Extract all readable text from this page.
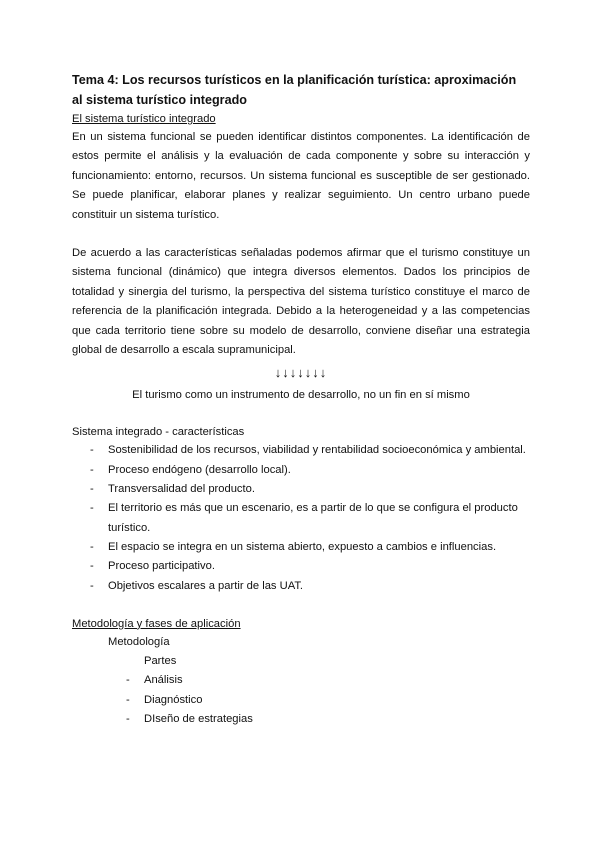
Tema 4: Los recursos turísticos en la planificación turística: aproximación al sistema turístico integrado
El sistema turístico integrado

En un sistema funcional se pueden identificar distintos componentes. La identificación de estos permite el análisis y la evaluación de cada componente y sobre su interacción y funcionamiento: entorno, recursos. Un sistema funcional es susceptible de ser gestionado. Se puede planificar, elaborar planes y realizar seguimiento. Un centro urbano puede constituir un sistema turístico.

De acuerdo a las características señaladas podemos afirmar que el turismo constituye un sistema funcional (dinámico) que integra diversos elementos. Dados los principios de totalidad y sinergia del turismo, la perspectiva del sistema turístico constituye el marco de referencia de la planificación integrada. Debido a la heterogeneidad y a las competencias que cada territorio tiene sobre su modelo de desarrollo, conviene diseñar una estrategia global de desarrollo a escala supramunicipal.

↓↓↓↓↓↓↓
El turismo como un instrumento de desarrollo, no un fin en sí mismo
Sistema integrado - características
- Sostenibilidad de los recursos, viabilidad y rentabilidad socioeconómica y ambiental.
- Proceso endógeno (desarrollo local).
- Transversalidad del producto.
- El territorio es más que un escenario, es a partir de lo que se configura el producto turístico.
- El espacio se integra en un sistema abierto, expuesto a cambios e influencias.
- Proceso participativo.
- Objetivos escalares a partir de las UAT.
Metodología y fases de aplicación
Metodología
Partes
- Análisis
- Diagnóstico
- DIseño de estrategias
